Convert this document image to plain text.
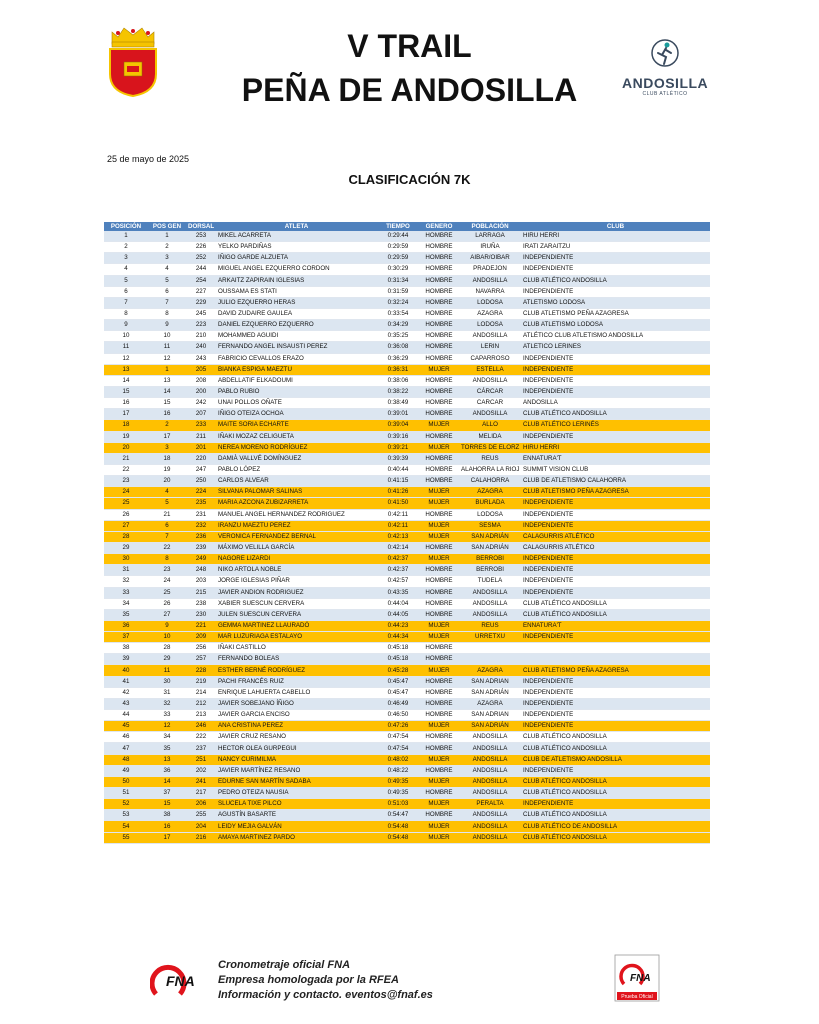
ANDOSILLA
CLUB ATLÉTICO
V TRAIL
PEÑA DE ANDOSILLA
25 de mayo de 2025
CLASIFICACIÓN 7K
POSICIÓN	POS GEN	DORSAL	ATLETA	TIEMPO	GENERO	POBLACIÓN	CLUB
1	1	253	MIKEL ACARRETA	0:29:44	HOMBRE	LARRAGA	HIRU HERRI
2	2	226	YELKO PARDIÑAS	0:29:59	HOMBRE	IRUÑA	IRATI ZARAITZU
3	3	252	IÑIGO GARDE ALZUETA	0:29:59	HOMBRE	AIBAR/OIBAR	INDEPENDIENTE
4	4	244	MIGUEL ANGEL EZQUERRO CORDON	0:30:29	HOMBRE	PRADEJON	INDEPENDIENTE
5	5	254	ARKAITZ ZAPIRAIN IGLESIAS	0:31:34	HOMBRE	ANDOSILLA	CLUB ATLÉTICO ANDOSILLA
6	6	227	OUSSAMA ES STATI	0:31:59	HOMBRE	NAVARRA	INDEPENDIENTE
7	7	229	JULIO EZQUERRO HERAS	0:32:24	HOMBRE	LODOSA	ATLETISMO LODOSA
8	8	245	DAVID ZUDAIRE GAULEA	0:33:54	HOMBRE	AZAGRA	CLUB ATLETISMO PEÑA AZAGRESA
9	9	223	DANIEL EZQUERRO EZQUERRO	0:34:29	HOMBRE	LODOSA	CLUB ATLETISMO LODOSA
10	10	210	MOHAMMED AGUIDI	0:35:25	HOMBRE	ANDOSILLA	ATLÉTICO CLUB ATLETISMO ANDOSILLA
11	11	240	FERNANDO ANGEL INSAUSTI PEREZ	0:36:08	HOMBRE	LERIN	ATLETICO LERINES
12	12	243	FABRICIO CEVALLOS ERAZO	0:36:29	HOMBRE	CAPARROSO	INDEPENDIENTE
13	1	205	BIANKA ESPIGA MAEZTU	0:36:31	MUJER	ESTELLA	INDEPENDIENTE
14	13	208	ABDELLATIF ELKADOUMI	0:38:06	HOMBRE	ANDOSILLA	INDEPENDIENTE
15	14	200	PABLO RUBIO	0:38:22	HOMBRE	CÁRCAR	INDEPENDIENTE
16	15	242	UNAI POLLOS OÑATE	0:38:49	HOMBRE	CARCAR	ANDOSILLA
17	16	207	IÑIGO OTEIZA OCHOA	0:39:01	HOMBRE	ANDOSILLA	CLUB ATLÉTICO ANDOSILLA
18	2	233	MAITE SORIA ECHARTE	0:39:04	MUJER	ALLO	CLUB ATLÉTICO LERINÉS
19	17	211	IÑAKI MOZAZ CELIGUETA	0:39:16	HOMBRE	MELIDA	INDEPENDIENTE
20	3	201	NEREA MORENO RODRÍGUEZ	0:39:21	MUJER	TORRES DE ELORZ	HIRU HERRI
21	18	220	DAMIÀ VALLVÉ DOMÍNGUEZ	0:39:39	HOMBRE	REUS	ENNATURA'T
22	19	247	PABLO LÓPEZ	0:40:44	HOMBRE	ALAHORRA LA RIOJ	SUMMIT VISION CLUB
23	20	250	CARLOS ALVEAR	0:41:15	HOMBRE	CALAHORRA	CLUB DE ATLETISMO CALAHORRA
24	4	224	SILVANA PALOMAR SALINAS	0:41:26	MUJER	AZAGRA	CLUB ATLETISMO PEÑA AZAGRESA
25	5	235	MARIA AZCONA ZUBIZARRETA	0:41:50	MUJER	BURLADA	INDEPENDIENTE
26	21	231	MANUEL ANGEL HERNANDEZ RODRIGUEZ	0:42:11	HOMBRE	LODOSA	INDEPENDIENTE
27	6	232	IRANZU MAEZTU PEREZ	0:42:11	MUJER	SESMA	INDEPENDIENTE
28	7	236	VERONICA FERNANDEZ BERNAL	0:42:13	MUJER	SAN ADRIÁN	CALAGURRIS ATLÉTICO
29	22	239	MÁXIMO VELILLA GARCÍA	0:42:14	HOMBRE	SAN ADRIÁN	CALAGURRIS ATLÉTICO
30	8	249	NAGORE LIZARDI	0:42:37	MUJER	BERROBI	INDEPENDIENTE
31	23	248	NIKO ARTOLA NOBLE	0:42:37	HOMBRE	BERROBI	INDEPENDIENTE
32	24	203	JORGE IGLESIAS PIÑAR	0:42:57	HOMBRE	TUDELA	INDEPENDIENTE
33	25	215	JAVIER ANDION RODRIGUEZ	0:43:35	HOMBRE	ANDOSILLA	INDEPENDIENTE
34	26	238	XABIER SUESCUN CERVERA	0:44:04	HOMBRE	ANDOSILLA	CLUB ATLÉTICO ANDOSILLA
35	27	230	JULEN SUESCUN CERVERA	0:44:05	HOMBRE	ANDOSILLA	CLUB ATLÉTICO ANDOSILLA
36	9	221	GEMMA MARTINEZ LLAURADÓ	0:44:23	MUJER	REUS	ENNATURA'T
37	10	209	MAR LUZURIAGA ESTALAYO	0:44:34	MUJER	URRETXU	INDEPENDIENTE
38	28	256	IÑAKI CASTILLO	0:45:18	HOMBRE		
39	29	257	FERNANDO BOLEAS	0:45:18	HOMBRE		
40	11	228	ESTHER BERNÉ RODRÍGUEZ	0:45:28	MUJER	AZAGRA	CLUB ATLETISMO PEÑA AZAGRESA
41	30	219	PACHI FRANCÉS RUIZ	0:45:47	HOMBRE	SAN ADRIAN	INDEPENDIENTE
42	31	214	ENRIQUE LAHUERTA CABELLO	0:45:47	HOMBRE	SAN ADRIÁN	INDEPENDIENTE
43	32	212	JAVIER SOBEJANO ÍÑIGO	0:46:49	HOMBRE	AZAGRA	INDEPENDIENTE
44	33	213	JAVIER GARCIA ENCISO	0:46:50	HOMBRE	SAN ADRIAN	INDEPENDIENTE
45	12	246	ANA CRISTINA PEREZ	0:47:26	MUJER	SAN ADRIÁN	INDEPENDIENTE
46	34	222	JAVIER CRUZ RESANO	0:47:54	HOMBRE	ANDOSILLA	CLUB ATLÉTICO ANDOSILLA
47	35	237	HECTOR OLEA GURPEGUI	0:47:54	HOMBRE	ANDOSILLA	CLUB ATLÉTICO ANDOSILLA
48	13	251	NANCY CURIMILMA	0:48:02	MUJER	ANDOSILLA	CLUB DE ATLETISMO ANDOSILLA
49	36	202	JAVIER MARTÍNEZ RESANO	0:48:22	HOMBRE	ANDOSILLA	INDEPENDIENTE
50	14	241	EDURNE SAN MARTÍN SADABA	0:49:35	MUJER	ANDOSILLA	CLUB ATLÉTICO ANDOSILLA
51	37	217	PEDRO OTEIZA NAUSIA	0:49:35	HOMBRE	ANDOSILLA	CLUB ATLÉTICO ANDOSILLA
52	15	206	SLUCELA TIXE PILCO	0:51:03	MUJER	PERALTA	INDEPENDIENTE
53	38	255	AGUSTÍN BASARTE	0:54:47	HOMBRE	ANDOSILLA	CLUB ATLÉTICO ANDOSILLA
54	16	204	LEIDY MEJIA GALVÁN	0:54:48	MUJER	ANDOSILLA	CLUB ATLÉTICO DE ANDOSILLA
55	17	216	AMAYA MARTINEZ PARDO	0:54:48	MUJER	ANDOSILLA	CLUB ATLÉTICO ANDOSILLA
FNA
Cronometraje oficial FNA
Empresa homologada por la RFEA
Información y contacto. eventos@fnaf.es
FNA
Prueba Oficial
